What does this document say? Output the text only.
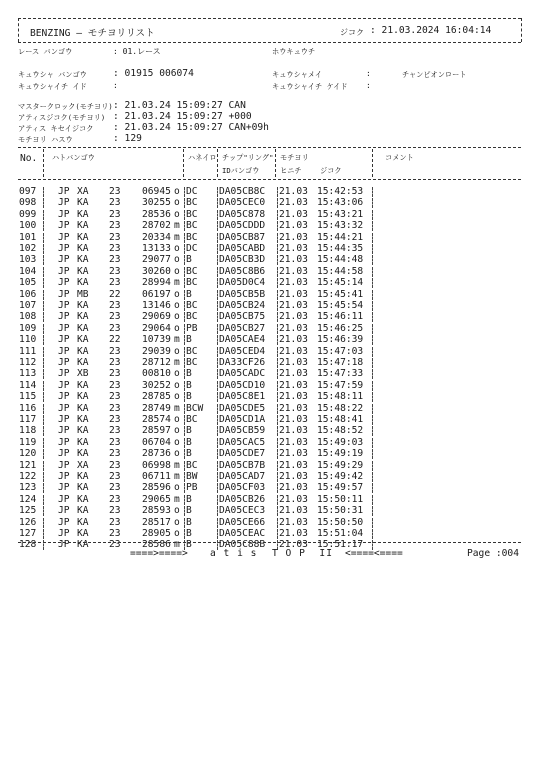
BENZING – モチヨリリスト	ジコク : 21.03.2024 16:04:14
レース バンゴウ	: 01.レース	ホウキュウチ
キュウシャ バンゴウ	: 01915 006074	キュウシャメイ	:	チャンピオンロート
キュウシャイチ イド	:	キュウシャイチ ケイド :
マスタークロック(モチヨリ) : 21.03.24 15:09:27 CAN
アティスジコク(モチヨリ) : 21.03.24 15:09:27 +000
アティス キセイジコク : 21.03.24 15:09:27 CAN+09h
モチヨリ ハスウ	: 129
No. ハトバンゴウ	ハネイロ チップ"リング"
IDバンゴウ
モチヨリ
ヒニチ	ジコク
コメント
097 JP XA 23 06945 o DC DA05CB8C 21.03 15:42:53
098 JP KA 23 30255 o BC DA05CEC0 21.03 15:43:06
099 JP KA 23 28536 o BC DA05C878 21.03 15:43:21
100 JP KA 23 28702 m BC DA05CDDD 21.03 15:43:32
101 JP KA 23 20334 m BC DA05CB87 21.03 15:44:21
102 JP KA 23 13133 o DC DA05CABD 21.03 15:44:35
103 JP KA 23 29077 o B	DA05CB3D 21.03 15:44:48
104 JP KA 23 30260 o BC DA05C8B6 21.03 15:44:58
105 JP KA 23 28994 m BC DA05D0C4 21.03 15:45:14
106 JP MB 22 06197 o B	DA05CB5B 21.03 15:45:41
107 JP KA 23 13146 o BC DA05CB24 21.03 15:45:54
108 JP KA 23 29069 o BC DA05CB75 21.03 15:46:11
109 JP KA 23 29064 o PB DA05CB27 21.03 15:46:25
110 JP KA 22 10739 m B	DA05CAE4 21.03 15:46:39
111 JP KA 23 29039 o BC DA05CED4 21.03 15:47:03
112 JP KA 23 28712 m BC DA33CF26 21.03 15:47:18
113 JP XB 23 00810 o B	DA05CADC 21.03 15:47:33
114 JP KA 23 30252 o B	DA05CD10 21.03 15:47:59
115 JP KA 23 28785 o B	DA05C8E1 21.03 15:48:11
116 JP KA 23 28749 m BCW DA05CDE5 21.03 15:48:22
117 JP KA 23 28574 o BC DA05CD1A 21.03 15:48:41
118 JP KA 23 28597 o B	DA05CB59 21.03 15:48:52
119 JP KA 23 06704 o B	DA05CAC5 21.03 15:49:03
120 JP KA 23 28736 o B	DA05CDE7 21.03 15:49:19
121 JP XA 23 06998 m BC DA05CB7B 21.03 15:49:29
122 JP KA 23 06711 m BW DA05CAD7 21.03 15:49:42
123 JP KA 23 28596 o PB DA05CF03 21.03 15:49:57
124 JP KA 23 29065 m B	DA05CB26 21.03 15:50:11
125 JP KA 23 28593 o B	DA05CEC3 21.03 15:50:31
126 JP KA 23 28517 o B	DA05CE66 21.03 15:50:50
127 JP KA 23 28905 o B	DA05CEAC 21.03 15:51:04
128 JP KA 23 28586 m B	DA05C88B 21.03 15:51:17
====>====> a t i s T O P  II <====<====	Page :004
